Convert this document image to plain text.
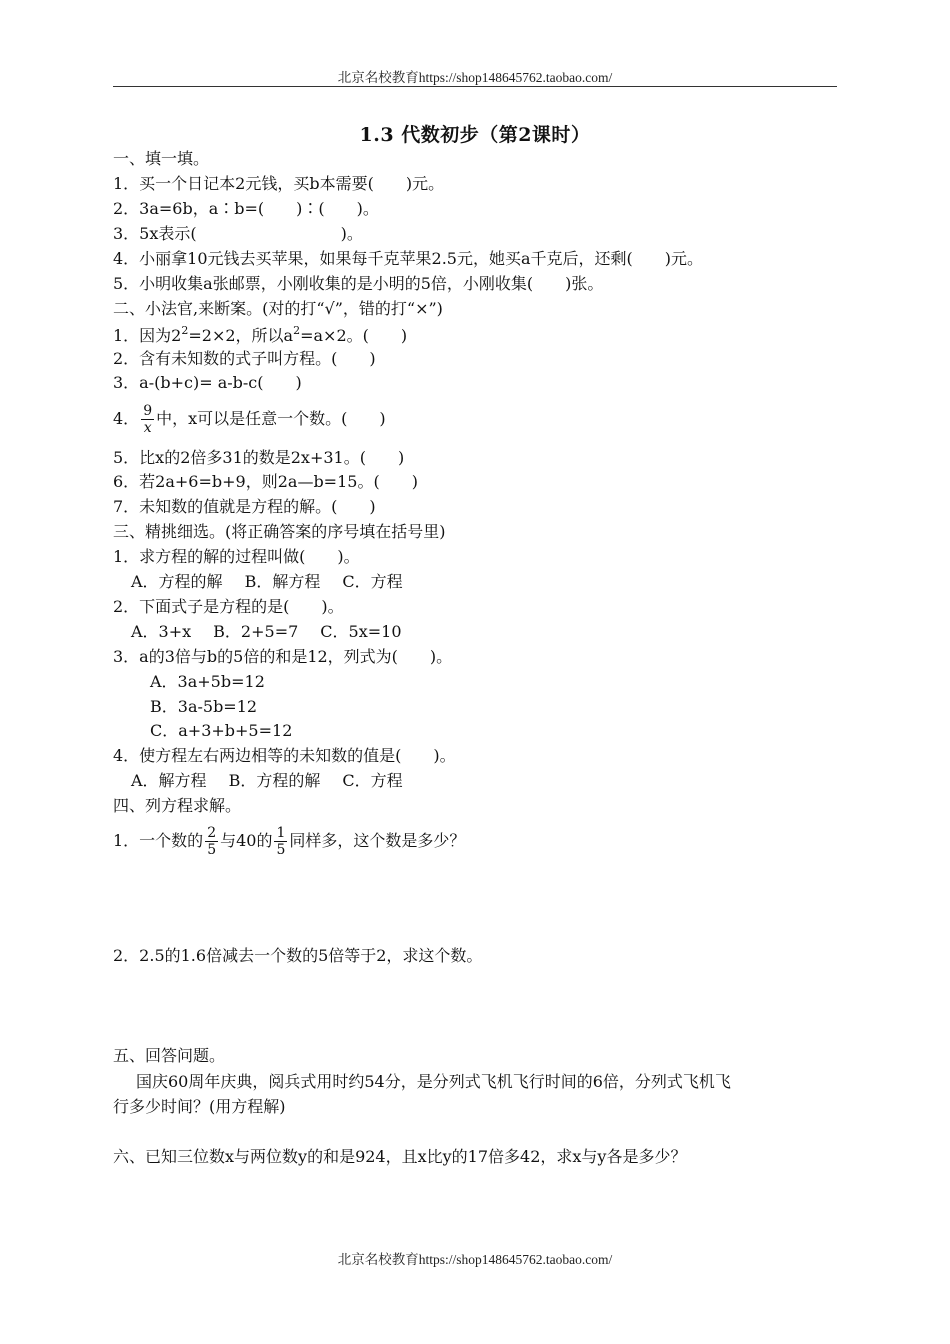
北京名校教育https://shop148645762.taobao.com/
1.3 代数初步（第2课时）
一、填一填。
1．买一个日记本2元钱，买b本需要(　　)元。
2．3a=6b，a∶b=(　　)∶(　　)。
3．5x表示(　　　　　　　　　)。
4．小丽拿10元钱去买苹果，如果每千克苹果2.5元，她买a千克后，还剩(　　)元。
5．小明收集a张邮票，小刚收集的是小明的5倍，小刚收集(　　)张。
二、小法官,来断案。(对的打“√”，错的打“×”)
1．因为$2^2=2\times 2$，所以$a^2=a\times 2$。(　　)
2．含有未知数的式子叫方程。(　　)
3．a-(b+c)= a-b-c(　　)
4． $\frac{9}{x}$ 中，x可以是任意一个数。(　　)
5．比x的2倍多31的数是2x+31。(　　)
6．若2a+6=b+9，则2a—b=15。(　　)
7．未知数的值就是方程的解。(　　)
三、精挑细选。(将正确答案的序号填在括号里)
1．求方程的解的过程叫做(　　)。
A．方程的解 B．解方程 C．方程
2．下面式子是方程的是(　　)。
A．3+x B．2+5=7 C．5x=10
3．a的3倍与b的5倍的和是12，列式为(　　)。
A．3a+5b=12
B．3a-5b=12
C．a+3+b+5=12
4．使方程左右两边相等的未知数的值是(　　)。
A．解方程 B．方程的解 C．方程
四、列方程求解。
1．一个数的 $\frac{2}{5}$ 与40的 $\frac{1}{5}$ 同样多，这个数是多少？
2．2.5的1.6倍减去一个数的5倍等于2，求这个数。
五、回答问题。
国庆60周年庆典，阅兵式用时约54分，是分列式飞机飞行时间的6倍，分列式飞机飞
行多少时间？(用方程解)
六、已知三位数x与两位数y的和是924，且x比y的17倍多42，求x与y各是多少？
北京名校教育https://shop148645762.taobao.com/
